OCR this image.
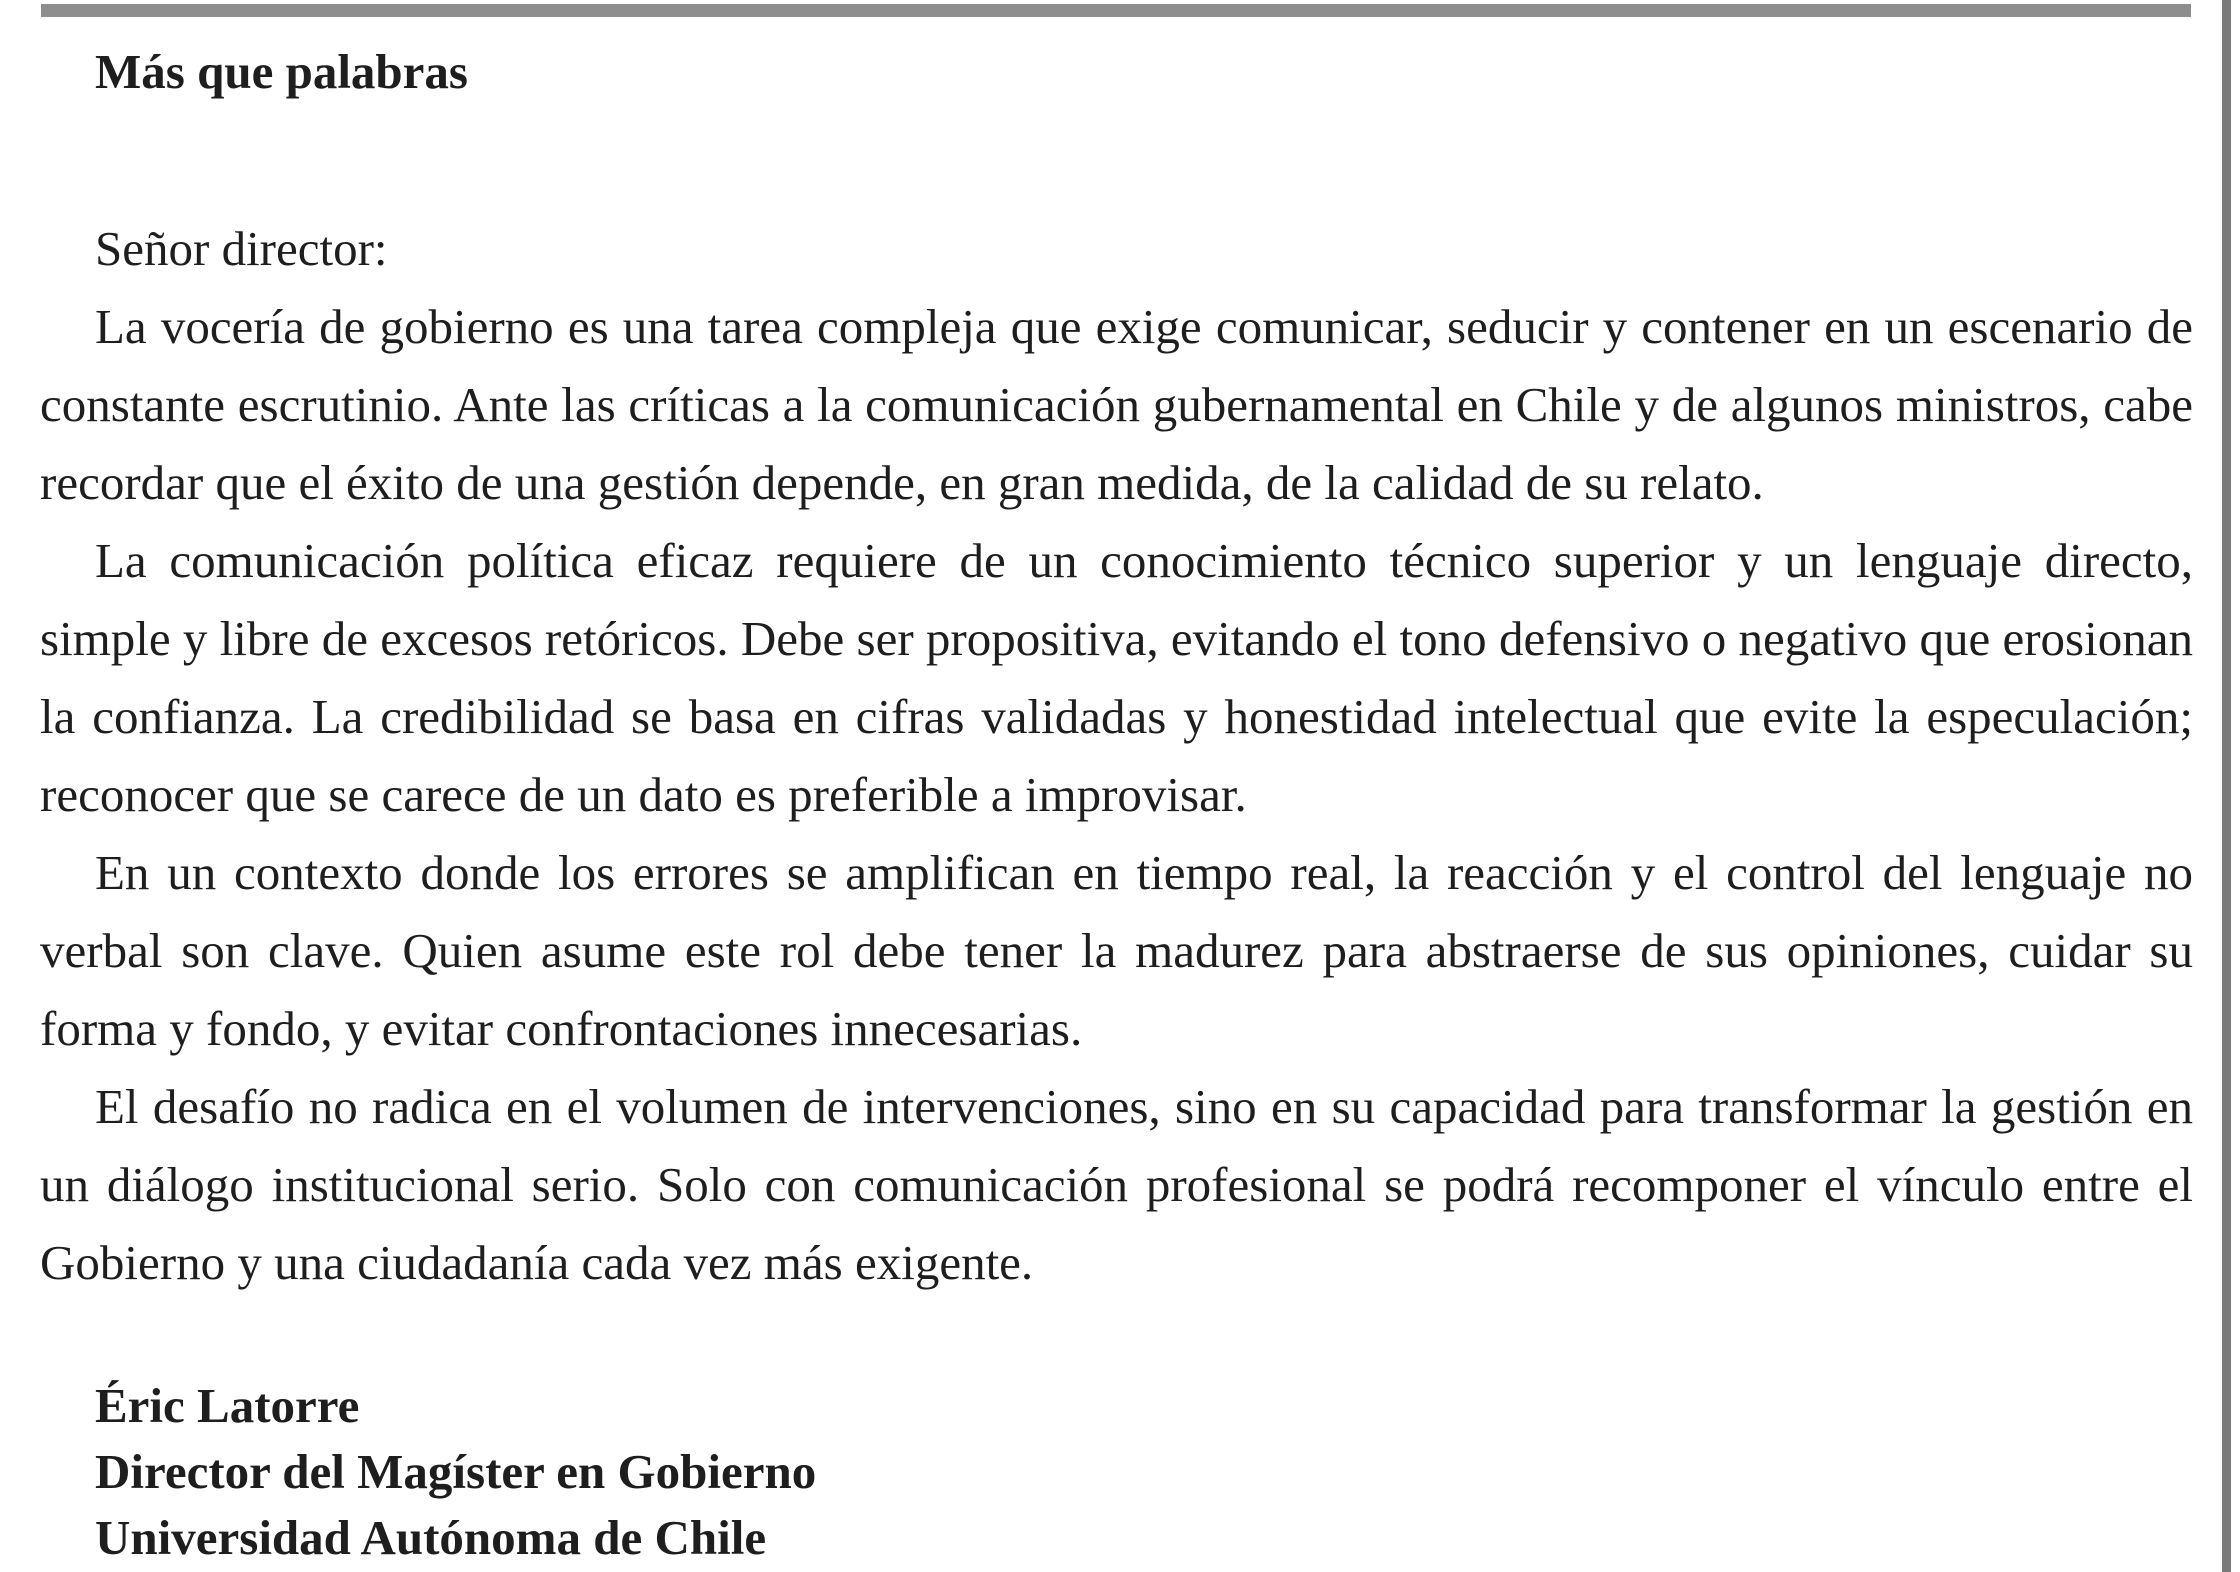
Más que palabras

Señor director:

La vocería de gobierno es una tarea compleja que exige comunicar, seducir y contener en un escenario de constante escrutinio. Ante las críticas a la comunicación gubernamental en Chile y de algunos ministros, cabe recordar que el éxito de una gestión depende, en gran medida, de la calidad de su relato.

La comunicación política eficaz requiere de un conocimiento técnico superior y un lenguaje directo, simple y libre de excesos retóricos. Debe ser propositiva, evitando el tono defensivo o negativo que erosionan la confianza. La credibilidad se basa en cifras validadas y honestidad intelectual que evite la especulación; reconocer que se carece de un dato es preferible a improvisar.

En un contexto donde los errores se amplifican en tiempo real, la reacción y el control del lenguaje no verbal son clave. Quien asume este rol debe tener la madurez para abstraerse de sus opiniones, cuidar su forma y fondo, y evitar confrontaciones innecesarias.

El desafío no radica en el volumen de intervenciones, sino en su capacidad para transformar la gestión en un diálogo institucional serio. Solo con comunicación profesional se podrá recomponer el vínculo entre el Gobierno y una ciudadanía cada vez más exigente.

Éric Latorre
Director del Magíster en Gobierno
Universidad Autónoma de Chile
